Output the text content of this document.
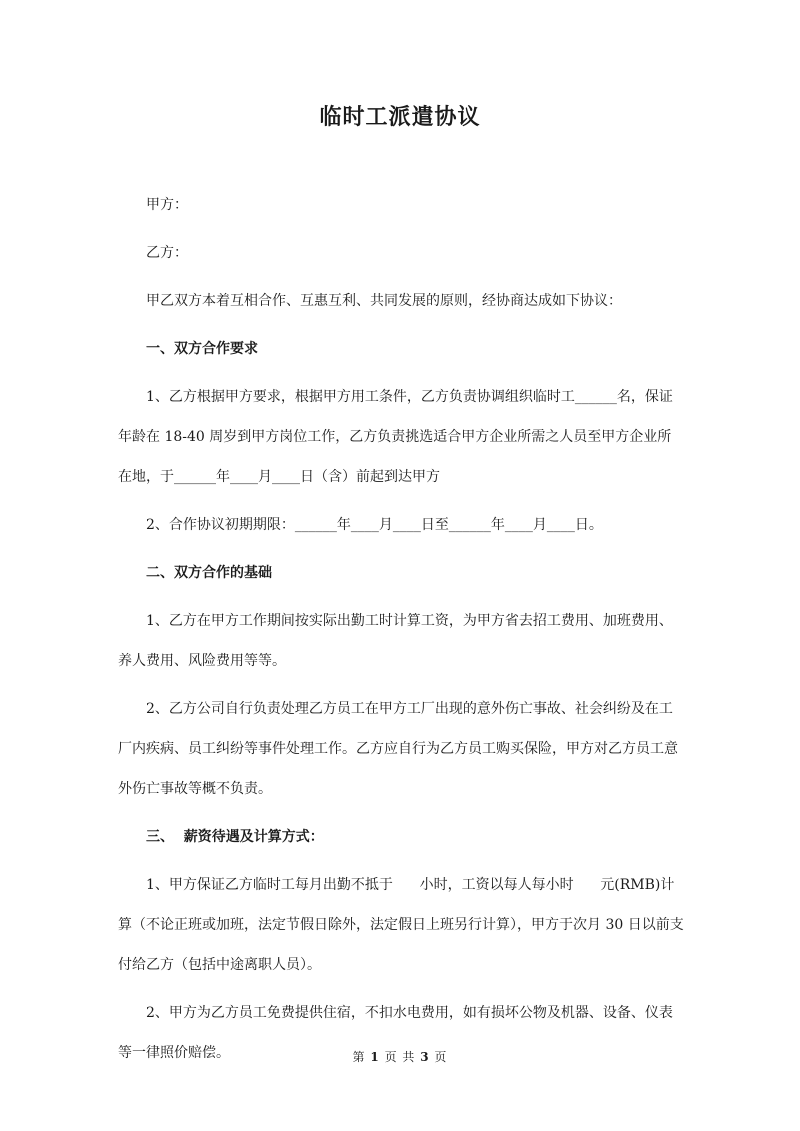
临时工派遣协议

甲方：

乙方：

甲乙双方本着互相合作、互惠互利、共同发展的原则，经协商达成如下协议：

一、双方合作要求

1、乙方根据甲方要求，根据甲方用工条件，乙方负责协调组织临时工______名，保证年龄在 18-40 周岁到甲方岗位工作，乙方负责挑选适合甲方企业所需之人员至甲方企业所在地，于______年____月____日（含）前起到达甲方

2、合作协议初期期限：______年____月____日至______年____月____日。

二、双方合作的基础

1、乙方在甲方工作期间按实际出勤工时计算工资，为甲方省去招工费用、加班费用、养人费用、风险费用等等。

2、乙方公司自行负责处理乙方员工在甲方工厂出现的意外伤亡事故、社会纠纷及在工厂内疾病、员工纠纷等事件处理工作。乙方应自行为乙方员工购买保险，甲方对乙方员工意外伤亡事故等概不负责。

三、  薪资待遇及计算方式：

1、甲方保证乙方临时工每月出勤不抵于      小时，工资以每人每小时      元(RMB)计算（不论正班或加班，法定节假日除外，法定假日上班另行计算），甲方于次月 30 日以前支付给乙方（包括中途离职人员）。

2、甲方为乙方员工免费提供住宿，不扣水电费用，如有损坏公物及机器、设备、仪表等一律照价赔偿。	第 1 页 共 3 页
